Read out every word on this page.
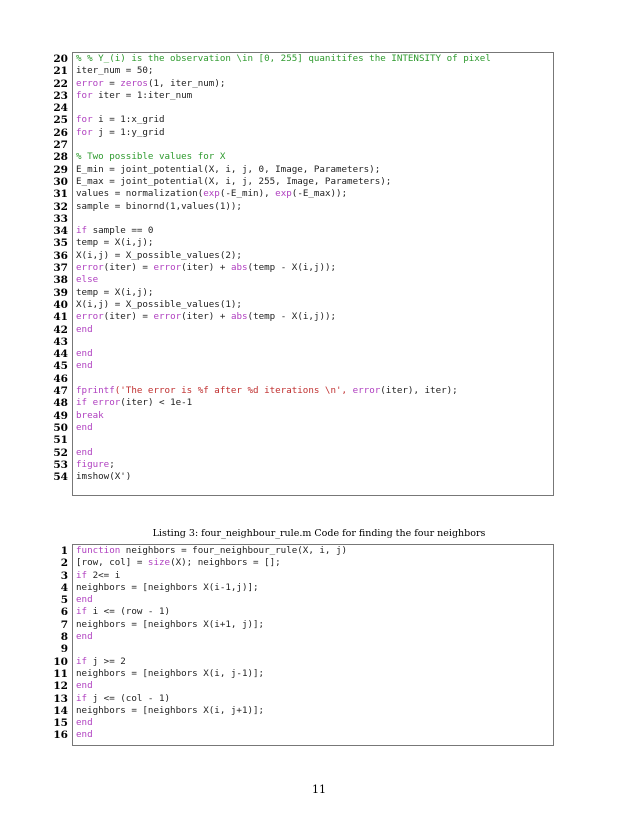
20 % % Y_(i) is the observation \in [0, 255] quanitifes the INTENSITY of pixel
21 iter_num = 50;
22 error = zeros(1, iter_num);
23 for iter = 1:iter_num
24
25 for i = 1:x_grid
26 for j = 1:y_grid
27
28 % Two possible values for X
29 E_min = joint_potential(X, i, j, 0, Image, Parameters);
30 E_max = joint_potential(X, i, j, 255, Image, Parameters);
31 values = normalization(exp(-E_min), exp(-E_max));
32 sample = binornd(1,values(1));
33
34 if sample == 0
35 temp = X(i,j);
36 X(i,j) = X_possible_values(2);
37 error(iter) = error(iter) + abs(temp - X(i,j));
38 else
39 temp = X(i,j);
40 X(i,j) = X_possible_values(1);
41 error(iter) = error(iter) + abs(temp - X(i,j));
42 end
43
44 end
45 end
46
47 fprintf('The error is %f after %d iterations \n', error(iter), iter);
48 if error(iter) < 1e-1
49 break
50 end
51
52 end
53 figure;
54 imshow(X')
Listing 3: four_neighbour_rule.m Code for finding the four neighbors
1 function neighbors = four_neighbour_rule(X, i, j)
2 [row, col] = size(X); neighbors = [];
3 if 2<= i
4 neighbors = [neighbors X(i-1,j)];
5 end
6 if i <= (row - 1)
7 neighbors = [neighbors X(i+1, j)];
8 end
9
10 if j >= 2
11 neighbors = [neighbors X(i, j-1)];
12 end
13 if j <= (col - 1)
14 neighbors = [neighbors X(i, j+1)];
15 end
16 end
11
